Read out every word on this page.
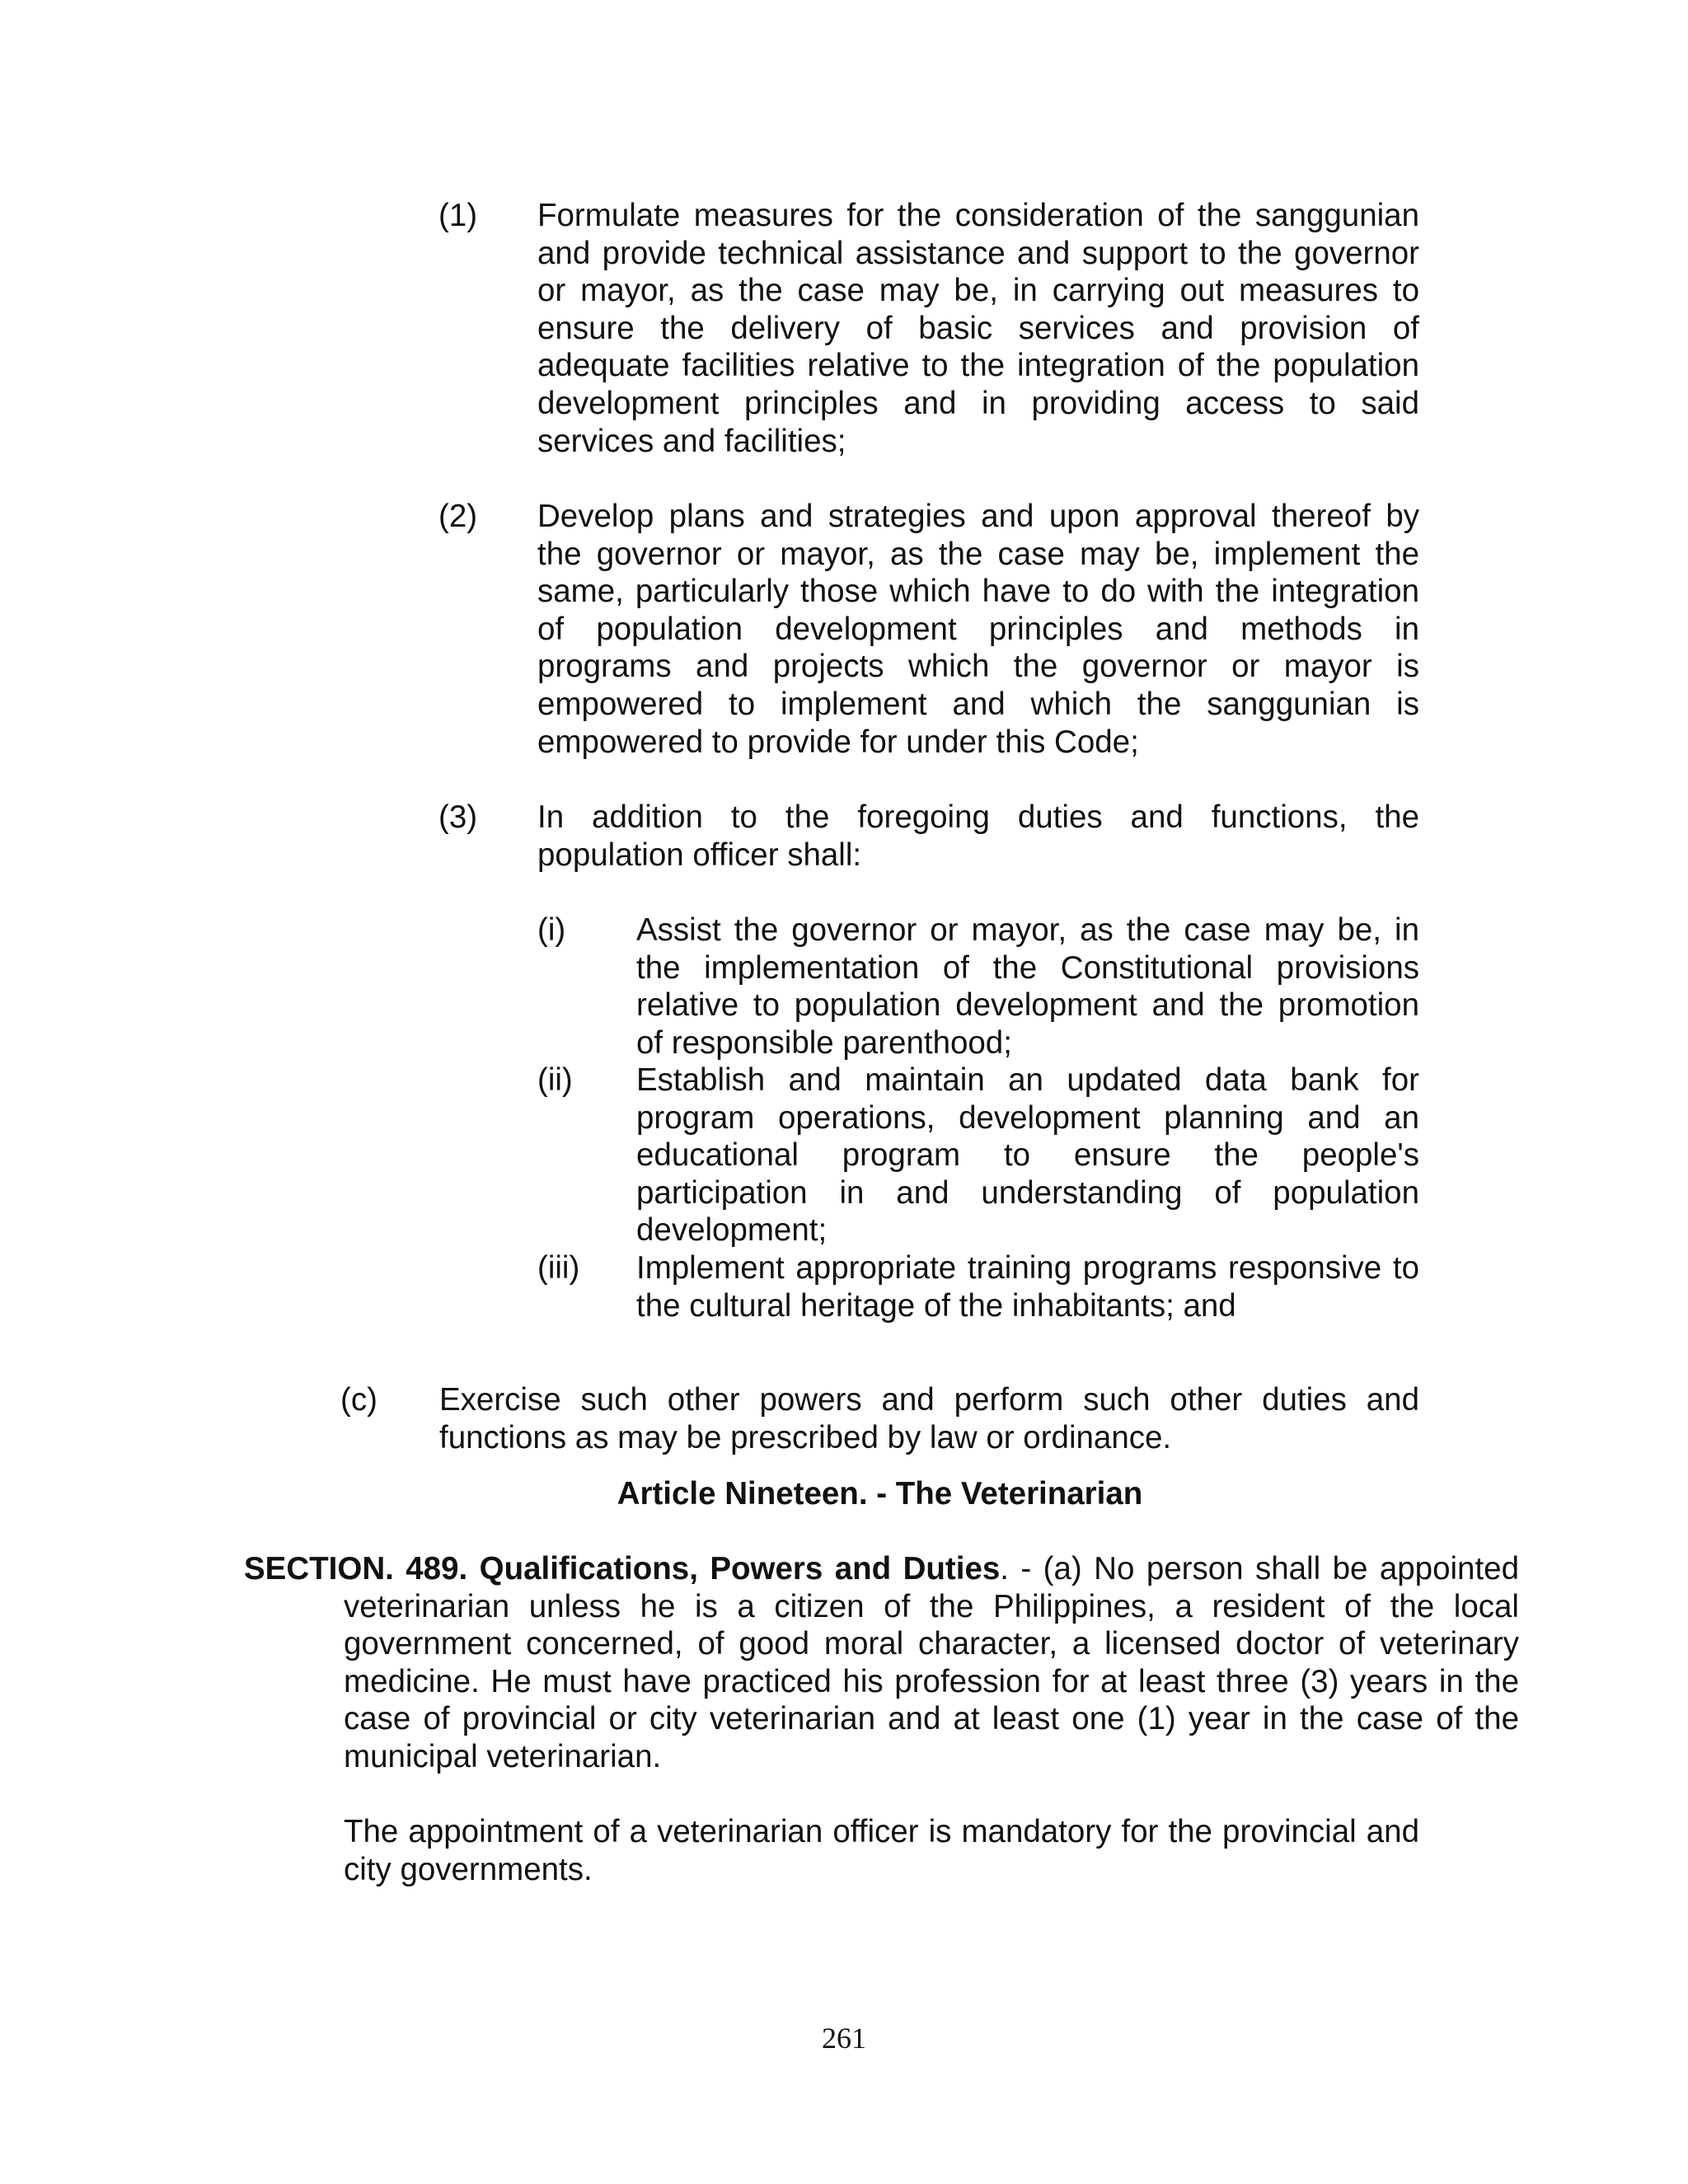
(1) Formulate measures for the consideration of the sanggunian and provide technical assistance and support to the governor or mayor, as the case may be, in carrying out measures to ensure the delivery of basic services and provision of adequate facilities relative to the integration of the population development principles and in providing access to said services and facilities;
(2) Develop plans and strategies and upon approval thereof by the governor or mayor, as the case may be, implement the same, particularly those which have to do with the integration of population development principles and methods in programs and projects which the governor or mayor is empowered to implement and which the sanggunian is empowered to provide for under this Code;
(3) In addition to the foregoing duties and functions, the population officer shall:
(i) Assist the governor or mayor, as the case may be, in the implementation of the Constitutional provisions relative to population development and the promotion of responsible parenthood;
(ii) Establish and maintain an updated data bank for program operations, development planning and an educational program to ensure the people's participation in and understanding of population development;
(iii) Implement appropriate training programs responsive to the cultural heritage of the inhabitants; and
(c) Exercise such other powers and perform such other duties and functions as may be prescribed by law or ordinance.
Article Nineteen. - The Veterinarian
SECTION. 489. Qualifications, Powers and Duties. - (a) No person shall be appointed veterinarian unless he is a citizen of the Philippines, a resident of the local government concerned, of good moral character, a licensed doctor of veterinary medicine. He must have practiced his profession for at least three (3) years in the case of provincial or city veterinarian and at least one (1) year in the case of the municipal veterinarian.
The appointment of a veterinarian officer is mandatory for the provincial and city governments.
261
